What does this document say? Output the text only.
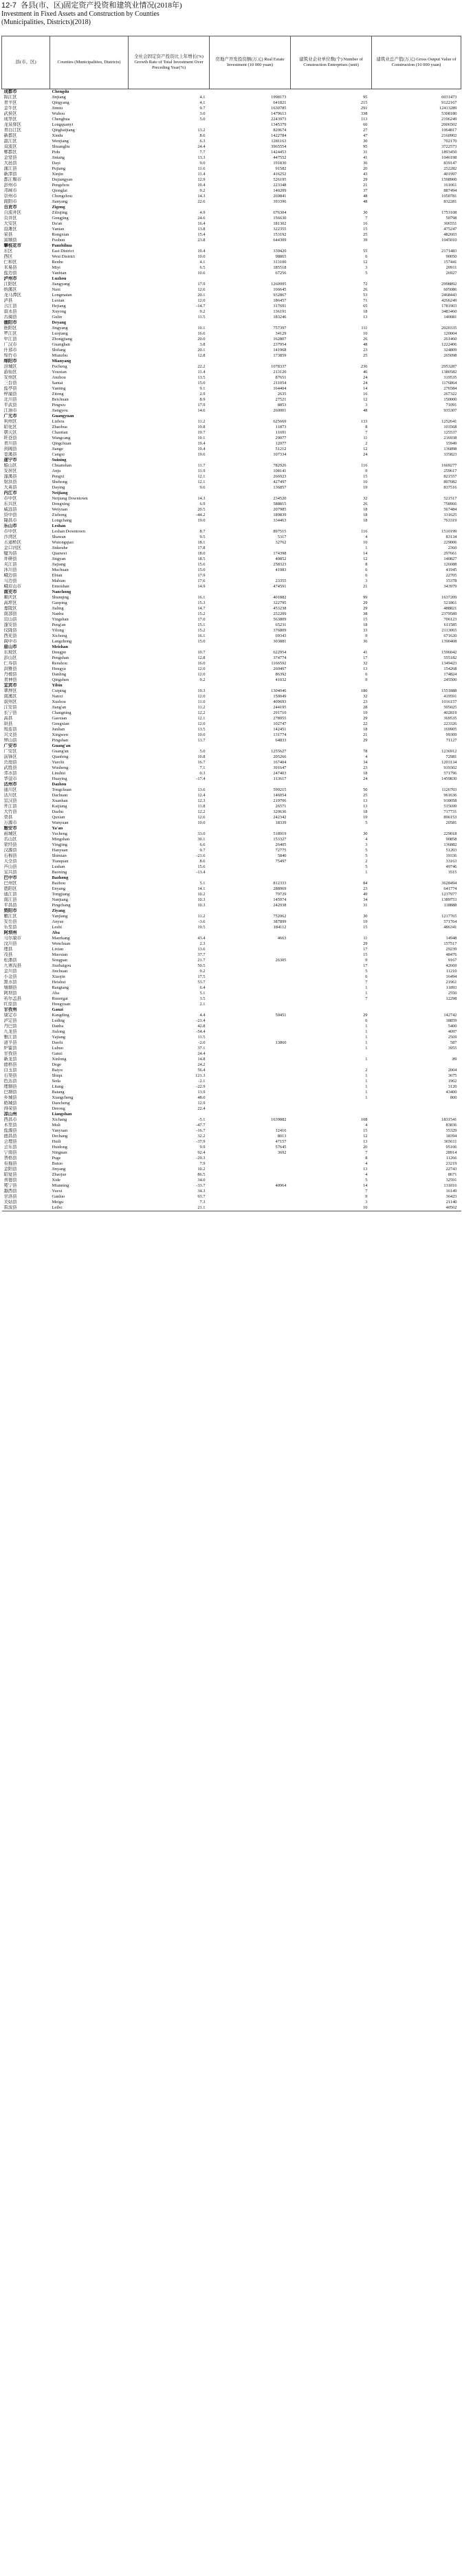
12-7 各县(市、区)固定资产投资和建筑业情况(2018年)
Investment in Fixed Assets and Construction by Counties
(Municipalities, Districts)(2018)
县(市、区)	Counties (Municipalities, Districts)	全社会固定资产投资比上年增长(%) Growth Rate of Total Investment Over Preceding Year(%)	房地产开发投资额(万元) Real Estate Investment (10 000 yuan)	建筑业企业单位数(个) Number of Construction Enterprises (unit)	建筑业总产值(万元) Gross Output Value of Construction (10 000 yuan)
成都市	Chengdu				
锦江区	Jinjiang	4.1	1998173	95	6031473
青羊区	Qingyang	4.1	641821	215	9122167
金牛区	Jinniu	9.7	1630785	291	12413289
武侯区	Wuhou	3.0	1479613	338	5308180
成华区	Chenghua	5.0	2243973	113	2196249
龙泉驿区	Longquanyi		1345379	60	2006502
青白江区	Qingbaijiang	13.2	820674	27	1064817
新都区	Xindu	8.6	1422784	47	2160902
温江区	Wenjiang	6.3	1281163	30	702170
双流区	Shuangliu	24.4	3965554	95	3722573
郫都区	Pidu	7.7	1424453	31	1893450
金堂县	Jintang	13.3	447552	41	1046198
大邑县	Dayi	9.0	191830	36	839147
蒲江县	Pujiang	11.6	91582	20	252282
新津县	Xinjin	11.4	416252	43	401997
都江堰市	Dujiangyan	12.9	526195	29	1598900
彭州市	Pengzhou	10.4	223348	21	161061
邛崃市	Qionglai	9.2	140209	37	887494
崇州市	Chongzhou	14.3	269841	48	1050781
简阳市	Jianyang	22.6	393396	48	832281
自贡市	Zigong				
自流井区	Ziliujing	4.9	676304	30	1753108
贡井区	Gongjing	24.6	156630	7	50798
大安区	Da'an	16.4	181302	16	306551
沿滩区	Yantan	13.8	322355	15	475247
荣县	Rongxian	15.4	153192	25	482603
富顺县	Fushun	23.8	644309	39	1045010
攀枝花市	Panzhihua				
东区	East District	10.4	339420	55	2171483
西区	West District	10.0	98865	6	90050
仁和区	Renhe	4.1	313100	12	157441
米易县	Miyi	6.5	185518	3	20911
盐边县	Yanbian	10.6	67256	5	26927
泸州市	Luzhou				
江阳区	Jiangyang	17.9	1260995	72	2998892
纳溪区	Naxi	12.6	166645	26	605086
龙马潭区	Longmatan	20.1	932867	53	2468443
泸县	Luxian	12.0	186457	71	4266249
合江县	Hejiang	-14.7	317691	65	1781903
叙永县	Xuyong	9.2	136191	18	3483460
古蔺县	Gulin	11.5	183246	13	140081
德阳市	Deyang				
旌阳区	Jingyang	10.1	757397	111	2020335
罗江区	Luojiang	16.6	34129	10	120004
中江县	Zhongjiang	20.0	162807	26	261460
广汉市	Guanghan	3.8	237954	48	1222406
什邡市	Shifang	20.1	141968	23	324809
绵竹市	Mianzhu	12.8	173859	25	265098
绵阳市	Mianyang				
涪城区	Fucheng	22.2	1078337	236	2953287
游仙区	Youxian	11.4	213120	46	1380582
安州区	Anzhou	13.5	87651	24	319535
三台县	Santai	15.0	211054	24	1176864
盐亭县	Yanting	9.1	164404	14	276584
梓潼县	Zitong	2.9	2635	16	267322
北川县	Beichuan	8.9	27521	12	150000
平武县	Pingwu	17.9	8853	3	71091
江油市	Jiangyou	14.6	260001	48	935307
广元市	Guangyuan				
利州区	Lizhou	11.2	625669	133	1252641
昭化区	Zhaohua	19.8	11873	8	103568
朝天区	Chaotian	19.7	11691	7	125537
旺苍县	Wangcang	19.1	29077	11	216938
青川县	Qingchuan	19.4	12077	2	15949
剑阁县	Jiange	19.4	51212	12	136898
苍溪县	Cangxi	19.6	107334	24	335823
遂宁市	Suining				
船山区	Chuanshan	11.7	782926	116	1669277
安居区	Anju	11.9	108141	9	259617
蓬溪县	Pengxi	12.1	266923	15	821557
射洪县	Shehong	12.1	427497	10	807082
大英县	Daying	9.6	136857	19	837516
内江市	Neijiang				
市中区	Neijiang Downtown	14.3	234520	32	521517
东兴区	Dongxing	6.9	588815	26	758966
威远县	Weiyuan	20.5	207985	18	567484
资中县	Zizhong	-44.2	189839	18	331625
隆昌市	Longchang	19.0	334463	18	763319
乐山市	Leshan				
市中区	Leshan Downtown	8.7	897515	116	1510199
沙湾区	Shawan	9.5	5317	4	83134
五通桥区	Wutongqiao	18.1	32762	10	229006
金口河区	Jinkouhe	17.8		1	2360
犍为县	Qianwei	18.0	174398	14	297661
井研县	Jingyan	18.5	40852	12	140827
夹江县	Jiajiang	15.6	258323	8	126088
沐川县	Muchuan	15.0	41983	6	41945
峨边县	Ebian	17.9		6	22705
马边县	Mabian	17.6	23355	3	15378
峨眉山市	Emeishan	14.9	474591	21	343979
南充市	Nanchong				
顺庆区	Shunqing	16.1	401882	99	1637209
高坪区	Gaoping	15.3	322795	29	521861
嘉陵区	Jialing	14.7	453238	29	488821
南部县	Nanbu	15.2	252209	38	2379589
营山县	Yingshan	17.0	563809	15	706123
蓬安县	Peng'an	15.1	65231	18	611585
仪陇县	Yilong	15.2	376809	33	2113065
西充县	Xichong	16.1	69343	9	671620
阆中市	Langzhong	15.0	303881	36	1390408
眉山市	Meishan				
东坡区	Dongpo	10.7	622954	41	1596042
彭山区	Pengshan	12.8	374774	17	555182
仁寿县	Renshou	16.0	1166592	32	1349423
洪雅县	Hongya	12.0	260407	13	154268
丹棱县	Danling	12.0	86392	6	174824
青神县	Qingshen	9.2	41032	9	245500
宜宾市	Yibin				
翠屏区	Cuiping	19.3	1304046	180	1551888
南溪区	Nanxi	12.0	150049	32	419591
叙州区	Xuzhou	11.0	409693	23	1016157
江安县	Jiang'an	11.2	244195	28	505025
长宁县	Changning	12.2	291710	19	402819
高县	Gaoxian	12.1	278955	29	369535
珙县	Gongxian	12.0	102747	22	223326
筠连县	Junlian	13.5	142451	18	169905
兴文县	Xingwen	10.0	131774	21	99309
屏山县	Pingshan	13.7	64833	29	71127
广安市	Guang'an				
广安区	Guang'an	5.0	1255627	78	1236912
前锋区	Qianfeng	10.8	205266	4	72981
岳池县	Yuechi	16.7	167404	34	1203134
武胜县	Wusheng	7.1	391647	23	919302
邻水县	Linshui	0.3	247403	18	571796
华蓥市	Huaying	-17.4	113617	24	1459830
达州市	Dazhou				
通川区	Tongchuan	13.6	599215	50	1126703
达川区	Dachuan	12.4	146054	25	961636
宣汉县	Xuanhan	12.3	219706	13	918058
开江县	Kaijiang	11.8	26571	13	515699
大竹县	Dazhu	12.2	320636	18	717731
渠县	Quxian	12.6	242342	19	896153
万源市	Wanyuan	10.0	18339	5	20581
雅安市	Ya'an				
雨城区	Yucheng	33.0	518919	30	229018
名山区	Mingshan	30.1	153327	4	90858
荥经县	Yingjing	6.6	26405	3	136882
汉源县	Hanyuan	9.7	72775	5	51203
石棉县	Shimian	-21.6	5840	5	19336
天全县	Tianquan	8.6	75497	2	33163
芦山县	Lushan	15.6		5	49746
宝兴县	Baoxing	-13.4		1	3515
巴中市	Bazhong				
巴州区	Bazhou	5.1	812333	84	3628494
恩阳区	Enyang	14.1	288969	23	641774
通江县	Tongjiang	10.2	79729	49	1237977
南江县	Nanjiang	10.3	145974	34	1389753
平昌县	Pingchang	10.3	242938	31	118888
资阳市	Ziyang				
雁江区	Yanjiang	11.2	752062	30	1217765
安岳县	Anyue	-3.6	387899	19	571764
乐至县	Lezhi	19.5	184112	15	486341
阿坝州	Aba				
马尔康市	Maerkang	43.4	4663	11	14948
汶川县	Wenchuan	2.3		29	157517
理县	Lixian	13.6		17	29239
茂县	Maoxian	37.7		15	48476
松潘县	Songpan	21.7	26305	9	9167
九寨沟县	Jiuzhaigou	50.5		17	42669
金川县	Jinchuan	9.2		5	11210
小金县	Xiaojin	17.5		6	16494
黑水县	Heishui	53.7		7	21961
壤塘县	Rangtang	6.4		1	11893
阿坝县	Aba	5.1		1	2550
若尔盖县	Ruoergai	3.5		7	12298
红原县	Hongyuan	2.1			
甘孜州	Ganzi				
康定市	Kangding	4.4	50451	29	142742
泸定县	Luding	-21.4		6	18859
丹巴县	Danba	42.8		1	5400
九龙县	Jiulong	-54.4		1	4097
雅江县	Yajiang	11.5		1	2569
道孚县	Daofu	-2.0	13860	1	587
炉霍县	Luhuo	37.1		1	3955
甘孜县	Ganzi	24.4			
新龙县	Xinlong	14.8		1	89
德格县	Dege	24.2			
白玉县	Baiyu	56.4		2	2004
石渠县	Shiqu	121.3		1	3675
色达县	Seda	-2.1		1	1962
理塘县	Litang	-22.9		1	3120
巴塘县	Batang	13.9		1	43400
乡城县	Xiangcheng	48.0		1	800
稻城县	Daocheng	12.9			
得荣县	Derong	22.4			
凉山州	Liangshan				
西昌市	Xichang	-5.1	1639882	108	1831541
木里县	Muli	-47.7		4	83836
盐源县	Yanyuan	-16.7	12416	15	35329
德昌县	Dechang	32.2	8013	12	18394
会理县	Huili	-37.9	47157	13	365611
会东县	Huidong	9.9	57645	20	95106
宁南县	Ningnan	92.4	3692	7	28914
普格县	Puge	-29.3		8	11266
布拖县	Butuo	7.9		4	23219
金阳县	Jinyang	10.2		13	22743
昭觉县	Zhaojue	86.5		4	8671
喜德县	Xide	34.0		5	32591
冕宁县	Mianning	-33.7	40964	14	131816
越西县	Yuexi	34.3		7	16149
甘洛县	Ganluo	93.7		9	36423
美姑县	Meigu	7.3		3	21140
雷波县	Leibo	21.1		10	40562
